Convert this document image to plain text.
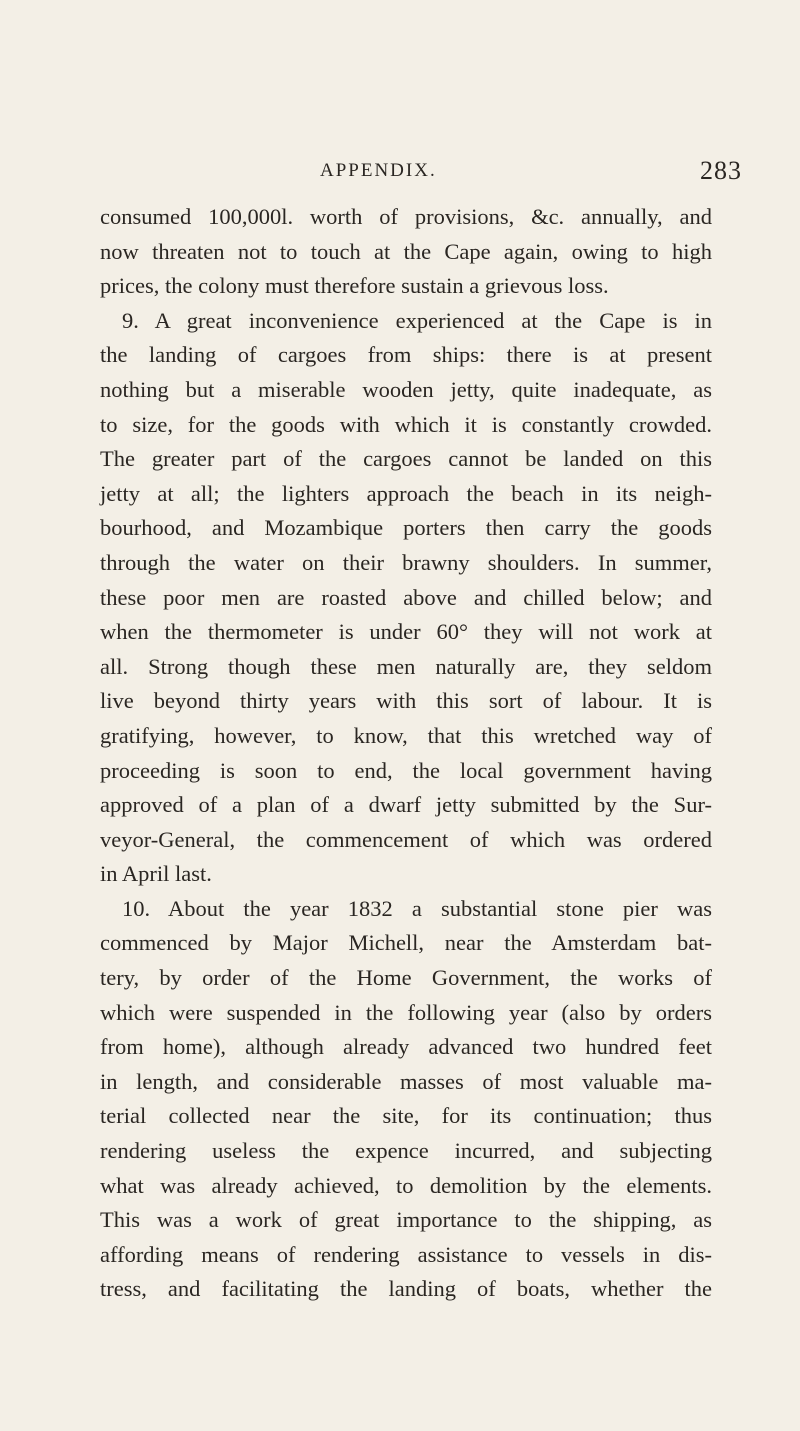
APPENDIX.	283
consumed 100,000l. worth of provisions, &c. annually, and
now threaten not to touch at the Cape again, owing to high
prices, the colony must therefore sustain a grievous loss.
9. A great inconvenience experienced at the Cape is in
the landing of cargoes from ships: there is at present
nothing but a miserable wooden jetty, quite inadequate, as
to size, for the goods with which it is constantly crowded.
The greater part of the cargoes cannot be landed on this
jetty at all; the lighters approach the beach in its neigh-
bourhood, and Mozambique porters then carry the goods
through the water on their brawny shoulders. In summer,
these poor men are roasted above and chilled below; and
when the thermometer is under 60° they will not work at
all. Strong though these men naturally are, they seldom
live beyond thirty years with this sort of labour. It is
gratifying, however, to know, that this wretched way of
proceeding is soon to end, the local government having
approved of a plan of a dwarf jetty submitted by the Sur-
veyor-General, the commencement of which was ordered
in April last.
10. About the year 1832 a substantial stone pier was
commenced by Major Michell, near the Amsterdam bat-
tery, by order of the Home Government, the works of
which were suspended in the following year (also by orders
from home), although already advanced two hundred feet
in length, and considerable masses of most valuable ma-
terial collected near the site, for its continuation; thus
rendering useless the expence incurred, and subjecting
what was already achieved, to demolition by the elements.
This was a work of great importance to the shipping, as
affording means of rendering assistance to vessels in dis-
tress, and facilitating the landing of boats, whether the
